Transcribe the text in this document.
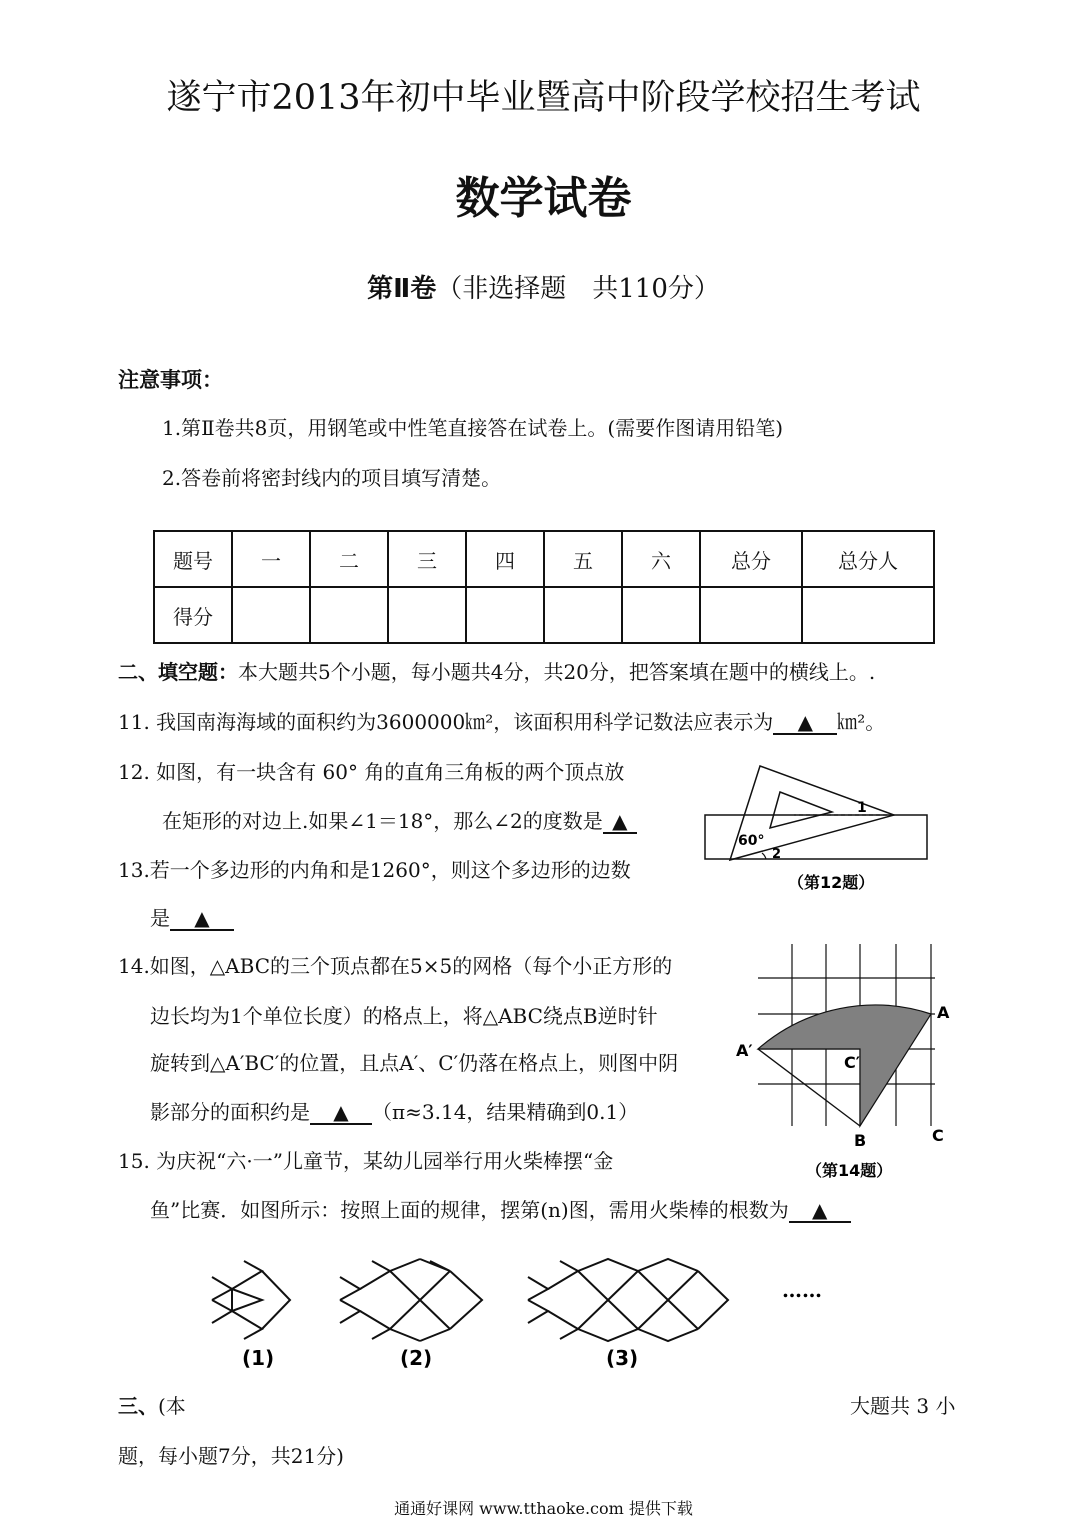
遂宁市2013年初中毕业暨高中阶段学校招生考试
数学试卷
第Ⅱ卷（非选择题　共110分）
注意事项：
1.第Ⅱ卷共8页，用钢笔或中性笔直接答在试卷上。(需要作图请用铅笔)
2.答卷前将密封线内的项目填写清楚。
题号	一	二	三	四	五	六	总分	总分人
得分								
二、填空题：本大题共5个小题，每小题共4分，共20分，把答案填在题中的横线上。.
11. 我国南海海域的面积约为3600000㎞²，该面积用科学记数法应表示为 ▲ ㎞²。
12. 如图，有一块含有 60° 角的直角三角板的两个顶点放
在矩形的对边上.如果∠1＝18°，那么∠2的度数是 ▲
13.若一个多边形的内角和是1260°，则这个多边形的边数
是 ▲
14.如图，△ABC的三个顶点都在5×5的网格（每个小正方形的
边长均为1个单位长度）的格点上，将△ABC绕点B逆时针
旋转到△A′BC′的位置，且点A′、C′仍落在格点上，则图中阴
影部分的面积约是 ▲ （π≈3.14，结果精确到0.1）
15. 为庆祝“六·一”儿童节，某幼儿园举行用火柴棒摆“金
鱼”比赛．如图所示：按照上面的规律，摆第(n)图，需用火柴棒的根数为 ▲
60°
1
2
（第12题）
A
A′
C′
B	C
（第14题）
……
(1)	(2)	(3)
三、(本	大题共 3 小
题，每小题7分，共21分)
通通好课网 www.tthaoke.com 提供下载
